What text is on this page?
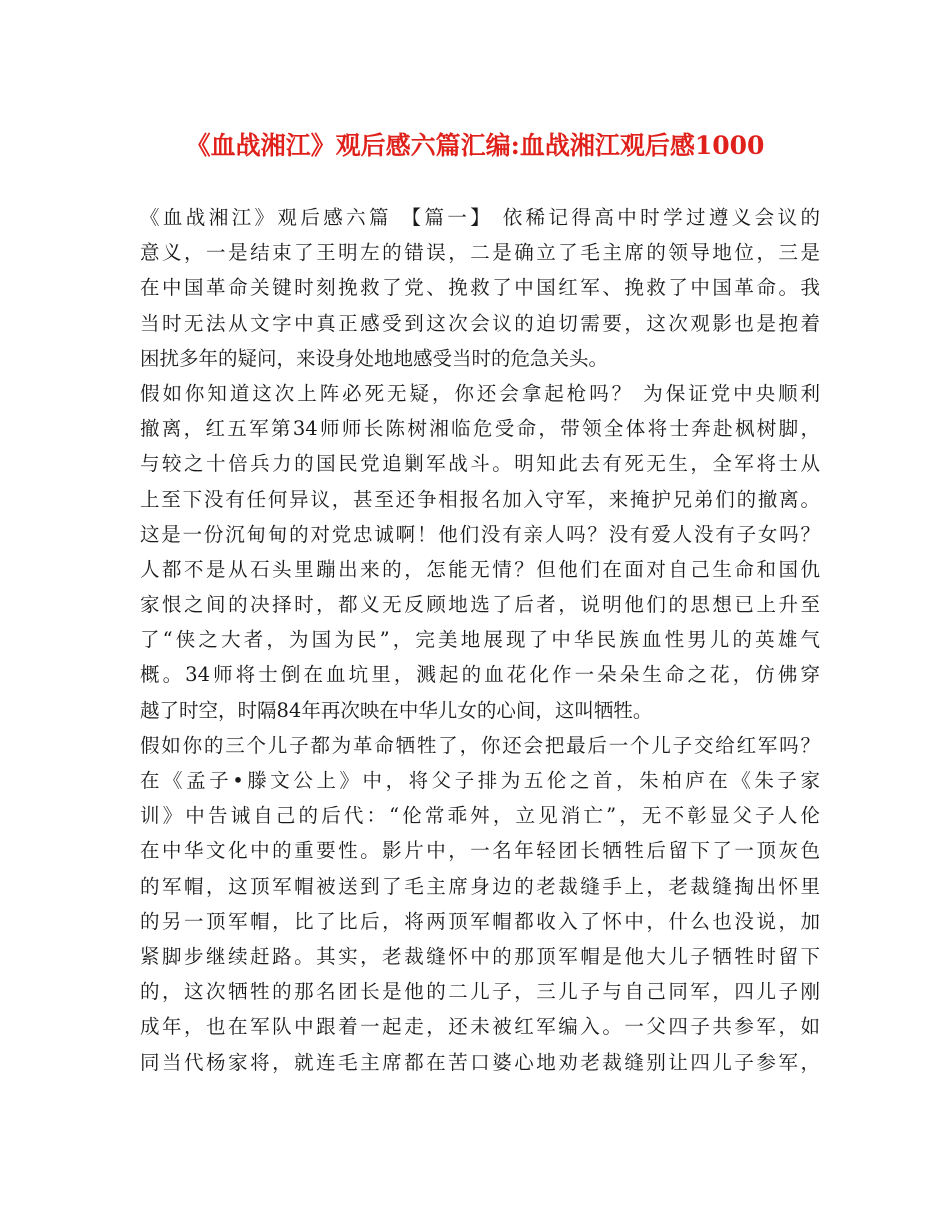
《血战湘江》观后感六篇汇编:血战湘江观后感1000
《血战湘江》观后感六篇 【篇一】 依稀记得高中时学过遵义会议的
意义，一是结束了王明左的错误，二是确立了毛主席的领导地位，三是
在中国革命关键时刻挽救了党、挽救了中国红军、挽救了中国革命。我
当时无法从文字中真正感受到这次会议的迫切需要，这次观影也是抱着
困扰多年的疑问，来设身处地地感受当时的危急关头。
假如你知道这次上阵必死无疑，你还会拿起枪吗？ 为保证党中央顺利
撤离，红五军第34师师长陈树湘临危受命，带领全体将士奔赴枫树脚，
与较之十倍兵力的国民党追剿军战斗。明知此去有死无生，全军将士从
上至下没有任何异议，甚至还争相报名加入守军，来掩护兄弟们的撤离。
这是一份沉甸甸的对党忠诚啊！他们没有亲人吗？没有爱人没有子女吗？
人都不是从石头里蹦出来的，怎能无情？但他们在面对自己生命和国仇
家恨之间的决择时，都义无反顾地选了后者，说明他们的思想已上升至
了“侠之大者，为国为民”，完美地展现了中华民族血性男儿的英雄气
概。34师将士倒在血坑里，溅起的血花化作一朵朵生命之花，仿佛穿
越了时空，时隔84年再次映在中华儿女的心间，这叫牺牲。
假如你的三个儿子都为革命牺牲了，你还会把最后一个儿子交给红军吗？
在《孟子•滕文公上》中，将父子排为五伦之首，朱柏庐在《朱子家
训》中告诫自己的后代：“伦常乖舛，立见消亡”，无不彰显父子人伦
在中华文化中的重要性。影片中，一名年轻团长牺牲后留下了一顶灰色
的军帽，这顶军帽被送到了毛主席身边的老裁缝手上，老裁缝掏出怀里
的另一顶军帽，比了比后，将两顶军帽都收入了怀中，什么也没说，加
紧脚步继续赶路。其实，老裁缝怀中的那顶军帽是他大儿子牺牲时留下
的，这次牺牲的那名团长是他的二儿子，三儿子与自己同军，四儿子刚
成年，也在军队中跟着一起走，还未被红军编入。一父四子共参军，如
同当代杨家将，就连毛主席都在苦口婆心地劝老裁缝别让四儿子参军，
